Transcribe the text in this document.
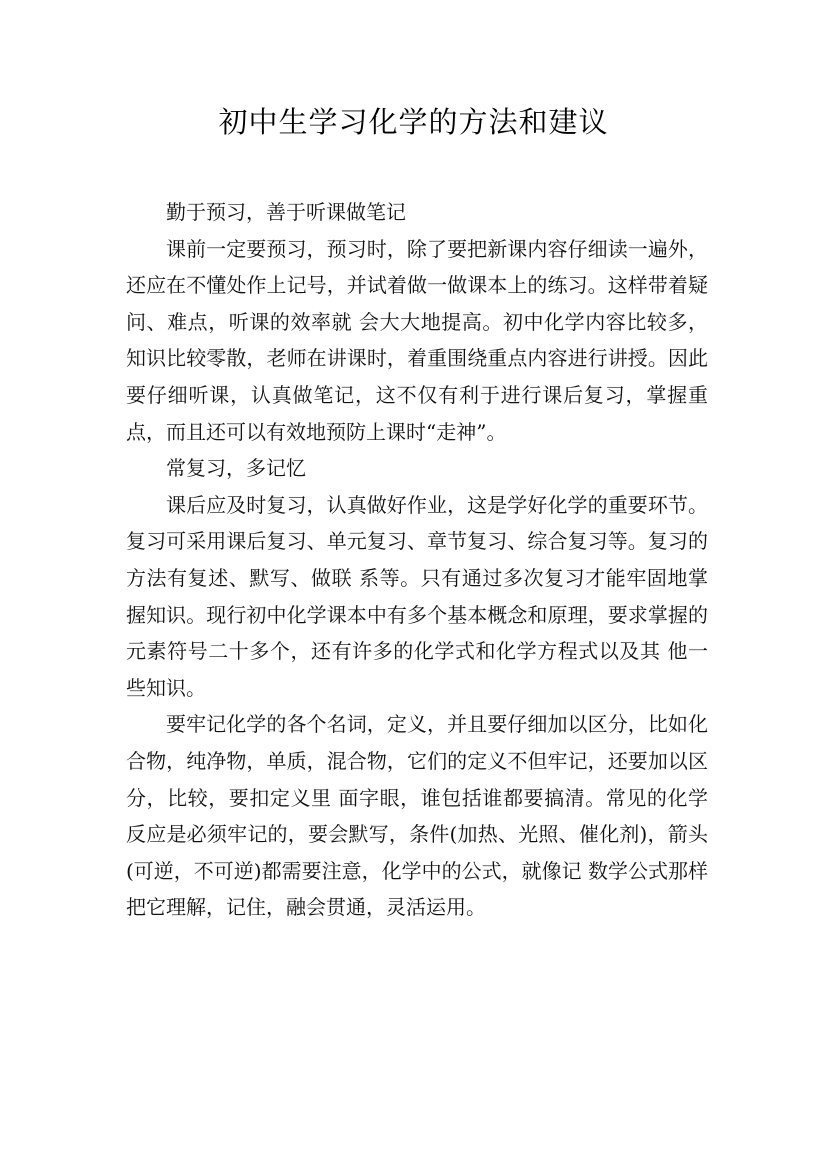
初中生学习化学的方法和建议

勤于预习，善于听课做笔记

课前一定要预习，预习时，除了要把新课内容仔细读一遍外，还应在不懂处作上记号，并试着做一做课本上的练习。这样带着疑问、难点，听课的效率就 会大大地提高。初中化学内容比较多，知识比较零散，老师在讲课时，着重围绕重点内容进行讲授。因此要仔细听课，认真做笔记，这不仅有利于进行课后复习，掌握重点，而且还可以有效地预防上课时“走神”。

常复习，多记忆

课后应及时复习，认真做好作业，这是学好化学的重要环节。复习可采用课后复习、单元复习、章节复习、综合复习等。复习的方法有复述、默写、做联 系等。只有通过多次复习才能牢固地掌握知识。现行初中化学课本中有多个基本概念和原理，要求掌握的元素符号二十多个，还有许多的化学式和化学方程式以及其 他一些知识。

要牢记化学的各个名词，定义，并且要仔细加以区分，比如化合物，纯净物，单质，混合物，它们的定义不但牢记，还要加以区分，比较，要扣定义里 面字眼，谁包括谁都要搞清。常见的化学反应是必须牢记的，要会默写，条件(加热、光照、催化剂)，箭头(可逆，不可逆)都需要注意，化学中的公式，就像记 数学公式那样把它理解，记住，融会贯通，灵活运用。
